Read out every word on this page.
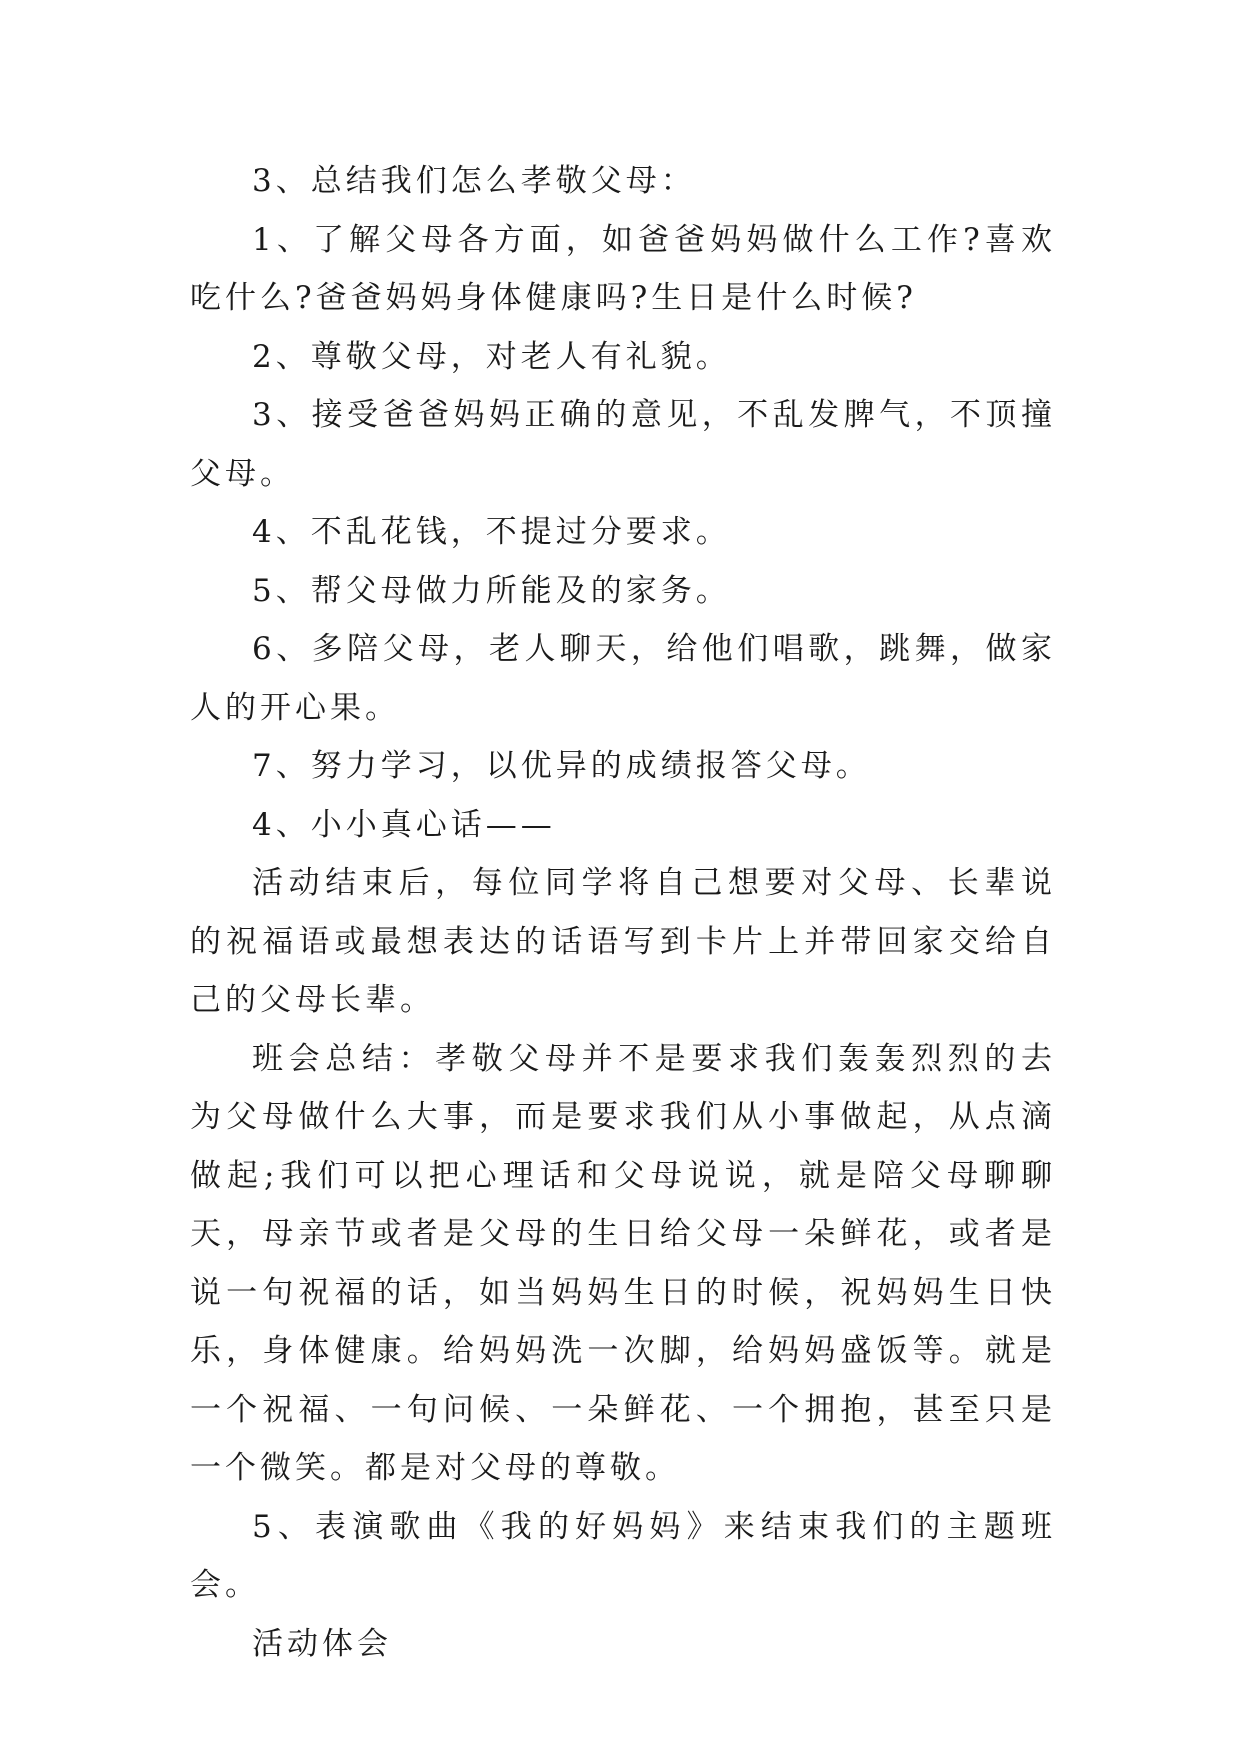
3、总结我们怎么孝敬父母：

1、了解父母各方面，如爸爸妈妈做什么工作?喜欢吃什么?爸爸妈妈身体健康吗?生日是什么时候?

2、尊敬父母，对老人有礼貌。

3、接受爸爸妈妈正确的意见，不乱发脾气，不顶撞父母。

4、不乱花钱，不提过分要求。

5、帮父母做力所能及的家务。

6、多陪父母，老人聊天，给他们唱歌，跳舞，做家人的开心果。

7、努力学习，以优异的成绩报答父母。

4、小小真心话——

活动结束后，每位同学将自己想要对父母、长辈说的祝福语或最想表达的话语写到卡片上并带回家交给自己的父母长辈。

班会总结：孝敬父母并不是要求我们轰轰烈烈的去为父母做什么大事，而是要求我们从小事做起，从点滴做起;我们可以把心理话和父母说说，就是陪父母聊聊天，母亲节或者是父母的生日给父母一朵鲜花，或者是说一句祝福的话，如当妈妈生日的时候，祝妈妈生日快乐，身体健康。给妈妈洗一次脚，给妈妈盛饭等。就是一个祝福、一句问候、一朵鲜花、一个拥抱，甚至只是一个微笑。都是对父母的尊敬。

5、表演歌曲《我的好妈妈》来结束我们的主题班会。

活动体会
